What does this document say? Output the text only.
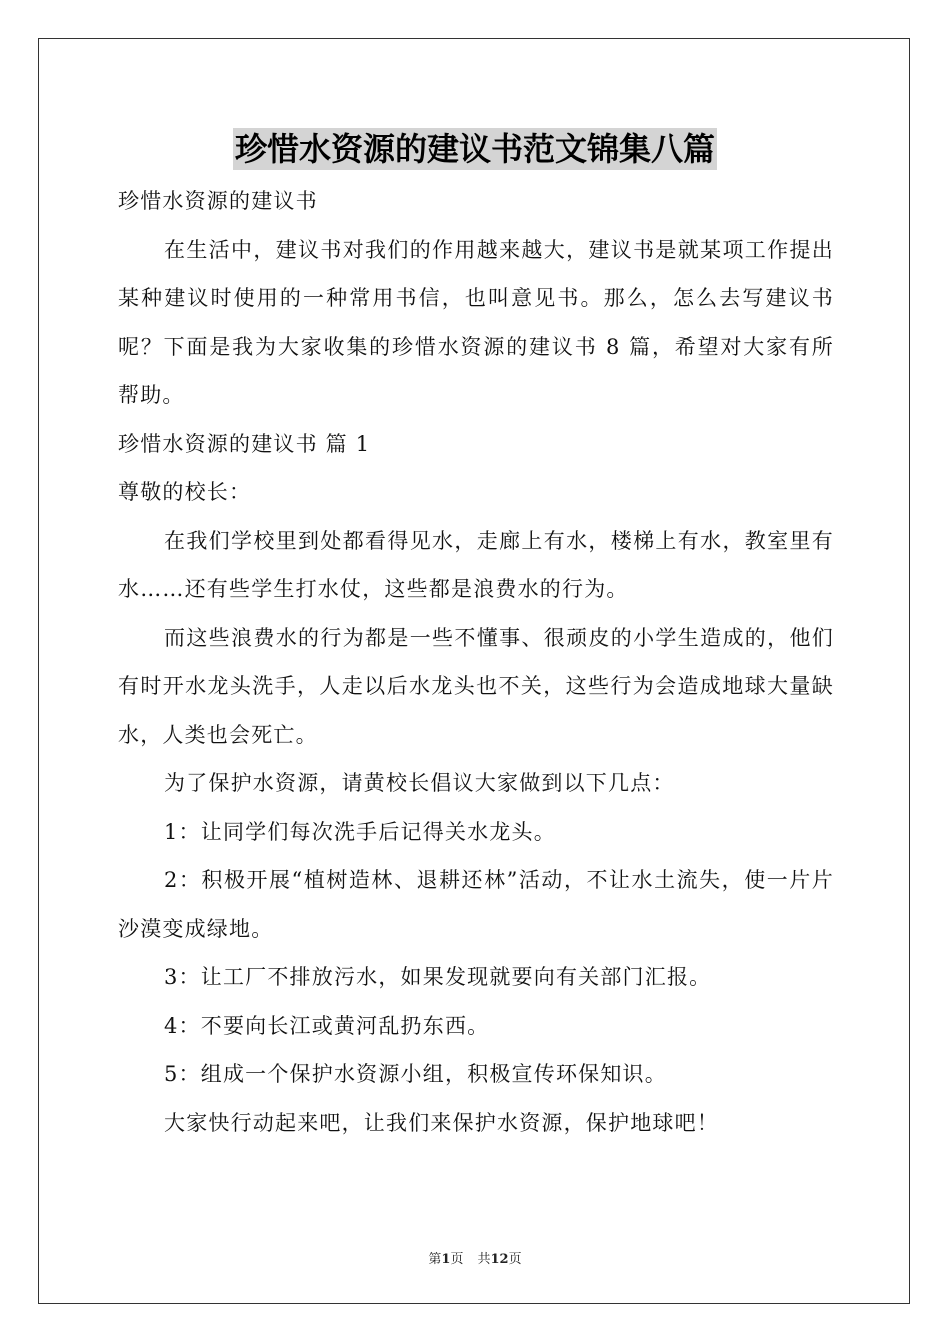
珍惜水资源的建议书范文锦集八篇

珍惜水资源的建议书

在生活中，建议书对我们的作用越来越大，建议书是就某项工作提出某种建议时使用的一种常用书信，也叫意见书。那么，怎么去写建议书呢？下面是我为大家收集的珍惜水资源的建议书 8 篇，希望对大家有所帮助。

珍惜水资源的建议书 篇 1

尊敬的校长：

在我们学校里到处都看得见水，走廊上有水，楼梯上有水，教室里有水……还有些学生打水仗，这些都是浪费水的行为。

而这些浪费水的行为都是一些不懂事、很顽皮的小学生造成的，他们有时开水龙头洗手，人走以后水龙头也不关，这些行为会造成地球大量缺水，人类也会死亡。

为了保护水资源，请黄校长倡议大家做到以下几点：

1：让同学们每次洗手后记得关水龙头。

2：积极开展“植树造林、退耕还林”活动，不让水土流失，使一片片沙漠变成绿地。

3：让工厂不排放污水，如果发现就要向有关部门汇报。

4：不要向长江或黄河乱扔东西。

5：组成一个保护水资源小组，积极宣传环保知识。

大家快行动起来吧，让我们来保护水资源，保护地球吧！

第1页 共12页
